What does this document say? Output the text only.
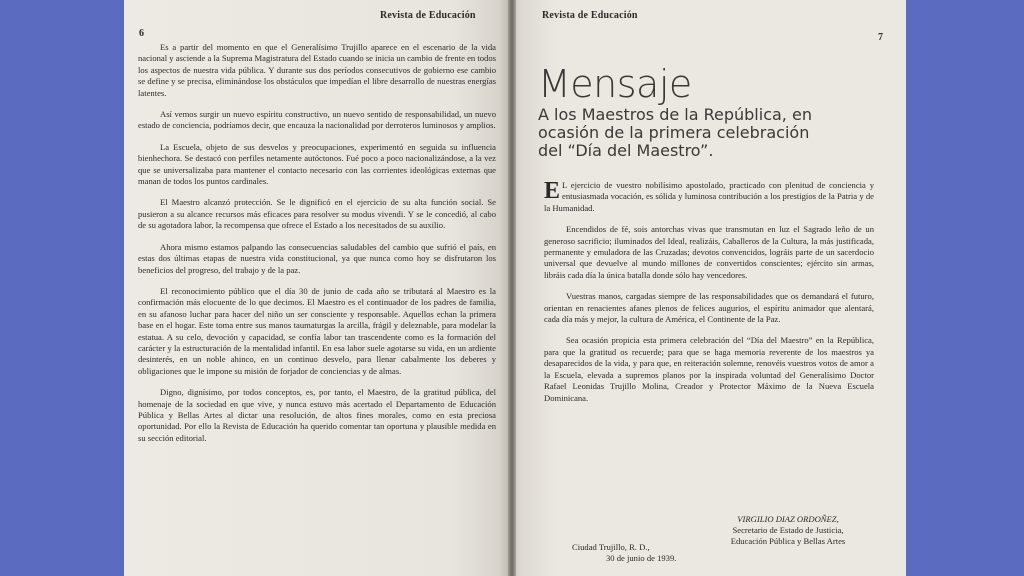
Revista de Educación
6

Es a partir del momento en que el Generalísimo Trujillo aparece en el escenario de la vida nacional y asciende a la Suprema Magistratura del Estado cuando se inicia un cambio de frente en todos los aspectos de nuestra vida pública. Y durante sus dos períodos consecutivos de gobierno ese cambio se define y se precisa, eliminándose los obstáculos que impedían el libre desarrollo de nuestras energías latentes.

Así vemos surgir un nuevo espíritu constructivo, un nuevo sentido de responsabilidad, un nuevo estado de conciencia, podríamos decir, que encauza la nacionalidad por derroteros luminosos y amplios.

La Escuela, objeto de sus desvelos y preocupaciones, experimentó en seguida su influencia bienhechora. Se destacó con perfiles netamente autóctonos. Fué poco a poco nacionalizándose, a la vez que se universalizaba para mantener el contacto necesario con las corrientes ideológicas externas que manan de todos los puntos cardinales.

El Maestro alcanzó protección. Se le dignificó en el ejercicio de su alta función social. Se pusieron a su alcance recursos más eficaces para resolver su modus vivendi. Y se le concedió, al cabo de su agotadora labor, la recompensa que ofrece el Estado a los necesitados de su auxilio.

Ahora mismo estamos palpando las consecuencias saludables del cambio que sufrió el país, en estas dos últimas etapas de nuestra vida constitucional, ya que nunca como hoy se disfrutaron los beneficios del progreso, del trabajo y de la paz.

El reconocimiento público que el día 30 de junio de cada año se tributará al Maestro es la confirmación más elocuente de lo que decimos. El Maestro es el continuador de los padres de familia, en su afanoso luchar para hacer del niño un ser consciente y responsable. Aquellos echan la primera base en el hogar. Este toma entre sus manos taumaturgas la arcilla, frágil y deleznable, para modelar la estatua. A su celo, devoción y capacidad, se confía labor tan trascendente como es la formación del carácter y la estructuración de la mentalidad infantil. En esa labor suele agotarse su vida, en un ardiente desinterés, en un noble ahinco, en un continuo desvelo, para llenar cabalmente los deberes y obligaciones que le impone su misión de forjador de conciencias y de almas.

Digno, dignísimo, por todos conceptos, es, por tanto, el Maestro, de la gratitud pública, del homenaje de la sociedad en que vive, y nunca estuvo más acertado el Departamento de Educación Pública y Bellas Artes al dictar una resolución, de altos fines morales, como en esta preciosa oportunidad. Por ello la Revista de Educación ha querido comentar tan oportuna y plausible medida en su sección editorial.

Revista de Educación
7
Mensaje
A los Maestros de la República, en ocasión de la primera celebración del “Día del Maestro”.

E L ejercicio de vuestro nobilísimo apostolado, practicado con plenitud de conciencia y entusiasmada vocación, es sólida y luminosa contribución a los prestigios de la Patria y de la Humanidad.

Encendidos de fé, sois antorchas vivas que transmutan en luz el Sagrado leño de un generoso sacrificio; iluminados del Ideal, realizáis, Caballeros de la Cultura, la más justificada, permanente y emuladora de las Cruzadas; devotos convencidos, lográis parte de un sacerdocio universal que devuelve al mundo millones de convertidos conscientes; ejército sin armas, libráis cada día la única batalla donde sólo hay vencedores.

Vuestras manos, cargadas siempre de las responsabilidades que os demandará el futuro, orientan en renacientes afanes plenos de felices augurios, el espíritu animador que alentará, cada día más y mejor, la cultura de América, el Continente de la Paz.

Sea ocasión propicia esta primera celebración del “Día del Maestro” en la República, para que la gratitud os recuerde; para que se haga memoria reverente de los maestros ya desaparecidos de la vida, y para que, en reiteración solemne, renovéis vuestros votos de amor a la Escuela, elevada a supremos planos por la inspirada voluntad del Generalísimo Doctor Rafael Leonidas Trujillo Molina, Creador y Protector Máximo de la Nueva Escuela Dominicana.

VIRGILIO DIAZ ORDOÑEZ,
Secretario de Estado de Justicia,
Educación Pública y Bellas Artes
Ciudad Trujillo, R. D.,
30 de junio de 1939.
